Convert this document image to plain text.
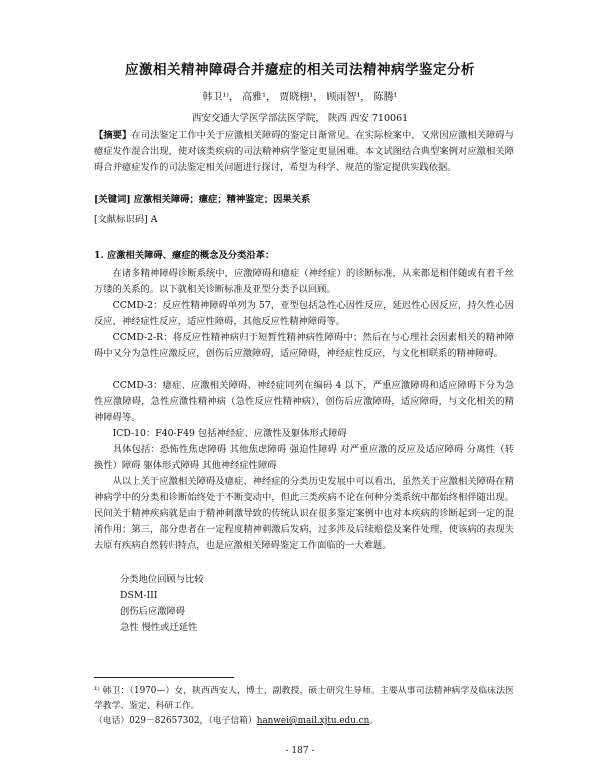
应激相关精神障碍合并癔症的相关司法精神病学鉴定分析
韩卫¹⁾， 高雅¹， 贾晓栩¹， 顾雨智¹， 陈腾¹
西安交通大学医学部法医学院， 陕西 西安 710061
【摘要】在司法鉴定工作中关于应激相关障碍的鉴定日渐常见。在实际检案中，又常因应激相关障碍与癔症发作混合出现，使对该类疾病的司法精神病学鉴定更显困难。本文试图结合典型案例对应激相关障碍合并癔症发作的司法鉴定相关问题进行探讨，希望为科学、规范的鉴定提供实践依据。
[关键词] 应激相关障碍；癔症；精神鉴定；因果关系
[文献标识码] A
1. 应激相关障碍、癔症的概念及分类沿革：
在诸多精神障碍诊断系统中，应激障碍和癔症（神经症）的诊断标准，从来都是相伴随或有着千丝万缕的关系的。以下就相关诊断标准及亚型分类予以回顾。
CCMD-2：反应性精神障碍单列为 57，亚型包括急性心因性反应，延迟性心因反应，持久性心因反应，神经症性反应，适应性障碍，其他反应性精神障碍等。
CCMD-2-R：将反应性精神病归于短暂性精神病性障碍中；然后在与心理社会因素相关的精神障碍中又分为急性应激反应，创伤后应激障碍，适应障碍，神经症性反应，与文化相联系的精神障碍。
CCMD-3：癔症、应激相关障碍、神经症同列在编码 4 以下，严重应激障碍和适应障碍下分为急性应激障碍，急性应激性精神病（急性反应性精神病），创伤后应激障碍，适应障碍，与文化相关的精神障碍等。
ICD-10：F40-F49 包括神经症、应激性及躯体形式障碍
具体包括：恐怖性焦虑障碍 其他焦虑障碍 强迫性障碍 对严重应激的反应及适应障碍 分离性（转换性）障碍 躯体形式障碍 其他神经症性障碍
从以上关于应激相关障碍及癔症、神经症的分类历史发展中可以看出，虽然关于应激相关障碍在精神病学中的分类和诊断始终处于不断变动中，但此三类疾病不论在何种分类系统中都始终相伴随出现。民间关于精神疾病就是由于精神刺激导致的传统认识在很多鉴定案例中也对本疾病的诊断起到一定的混淆作用；第三，部分患者在一定程度精神刺激后发病，过多涉及后续赔偿及案件处理，使该病的表现失去原有疾病自然转归特点，也是应激相关障碍鉴定工作面临的一大难题。
分类地位回顾与比较
DSM-III
创伤后应激障碍
急性 慢性或迁延性
¹⁾ 韩卫：（1970—）女，陕西西安人，博士，副教授，硕士研究生导师。主要从事司法精神病学及临床法医学教学、鉴定、科研工作。
（电话）029－82657302，（电子信箱）hanwei@mail.xjtu.edu.cn。
- 187 -
